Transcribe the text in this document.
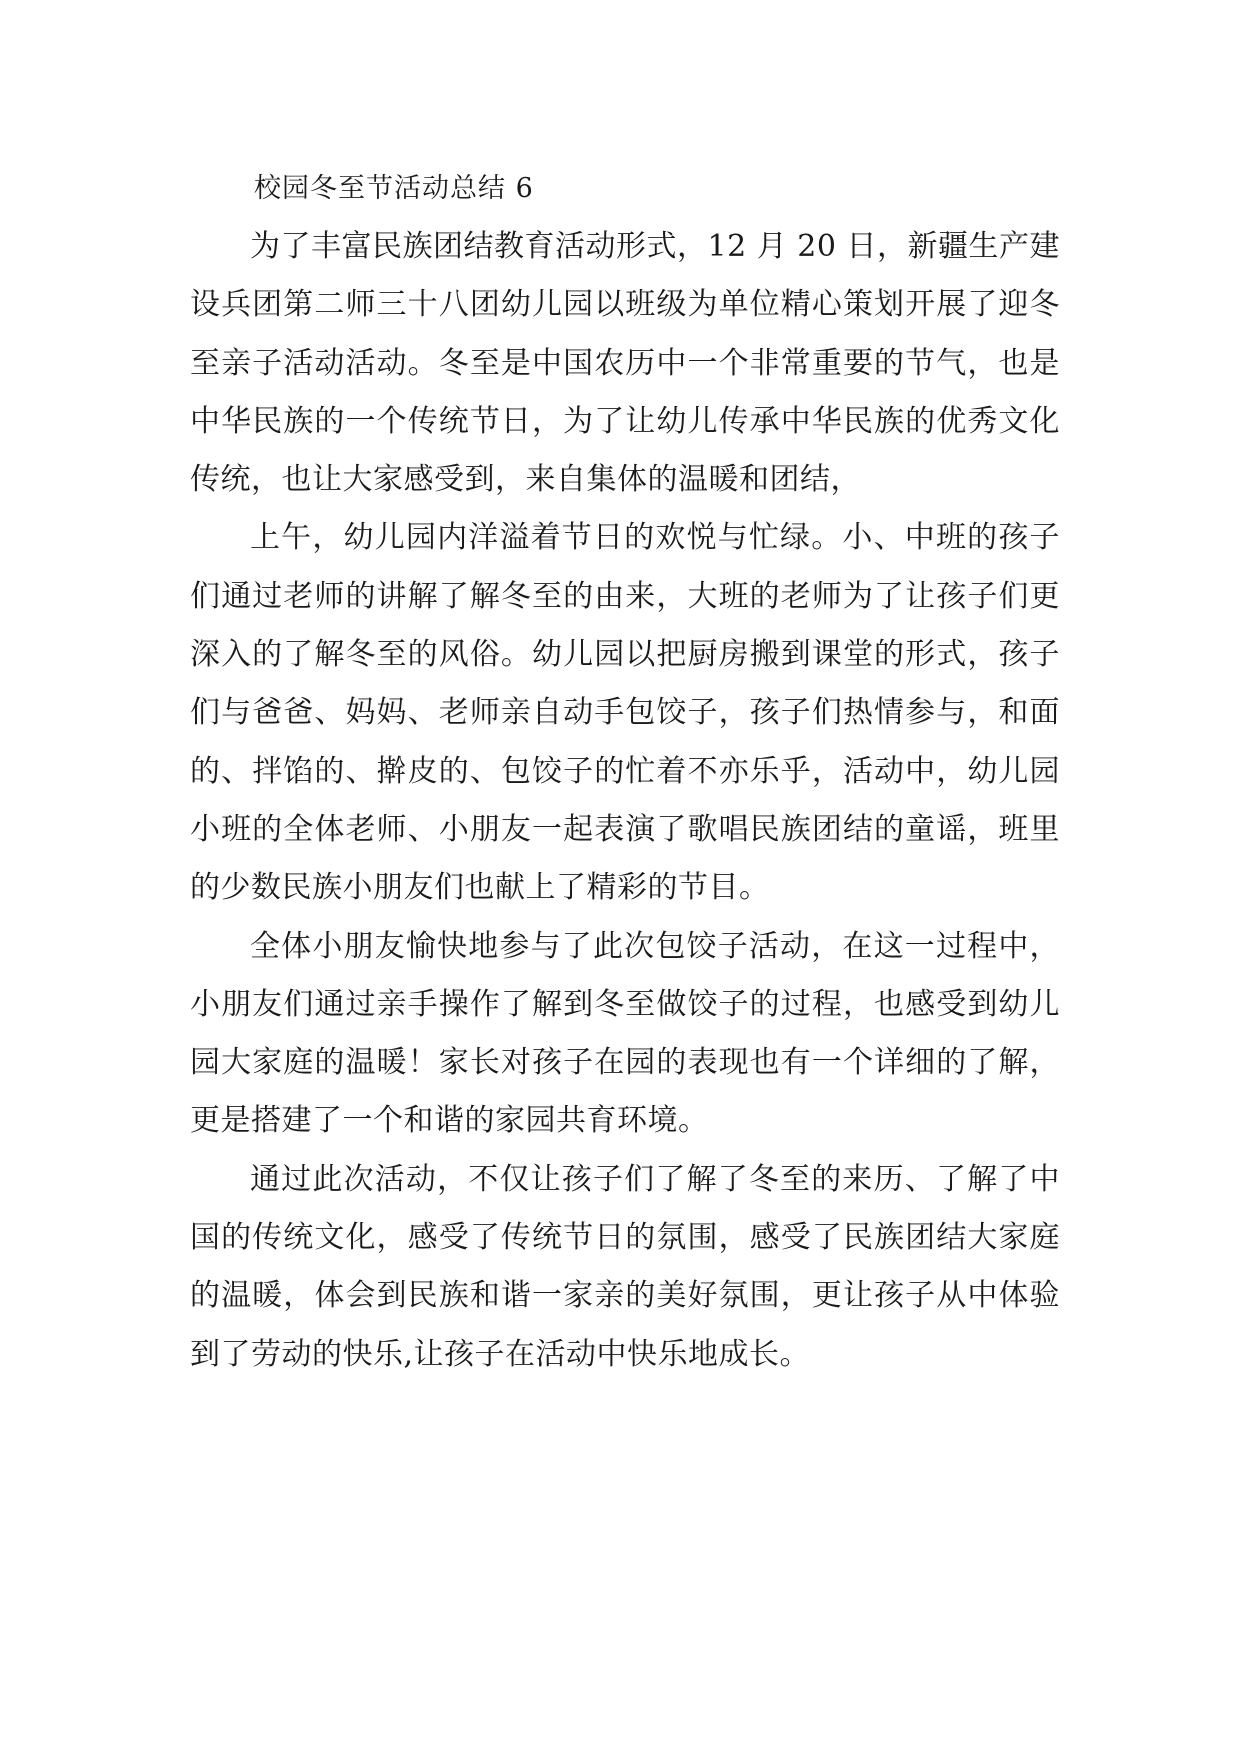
校园冬至节活动总结 6

为了丰富民族团结教育活动形式，12 月 20 日，新疆生产建设兵团第二师三十八团幼儿园以班级为单位精心策划开展了迎冬至亲子活动活动。冬至是中国农历中一个非常重要的节气，也是中华民族的一个传统节日，为了让幼儿传承中华民族的优秀文化传统，也让大家感受到，来自集体的温暖和团结，

上午，幼儿园内洋溢着节日的欢悦与忙绿。小、中班的孩子们通过老师的讲解了解冬至的由来，大班的老师为了让孩子们更深入的了解冬至的风俗。幼儿园以把厨房搬到课堂的形式，孩子们与爸爸、妈妈、老师亲自动手包饺子，孩子们热情参与，和面的、拌馅的、擀皮的、包饺子的忙着不亦乐乎，活动中，幼儿园小班的全体老师、小朋友一起表演了歌唱民族团结的童谣，班里的少数民族小朋友们也献上了精彩的节目。

全体小朋友愉快地参与了此次包饺子活动，在这一过程中，小朋友们通过亲手操作了解到冬至做饺子的过程，也感受到幼儿园大家庭的温暖！家长对孩子在园的表现也有一个详细的了解，更是搭建了一个和谐的家园共育环境。

通过此次活动，不仅让孩子们了解了冬至的来历、了解了中国的传统文化，感受了传统节日的氛围，感受了民族团结大家庭的温暖，体会到民族和谐一家亲的美好氛围，更让孩子从中体验到了劳动的快乐,让孩子在活动中快乐地成长。
